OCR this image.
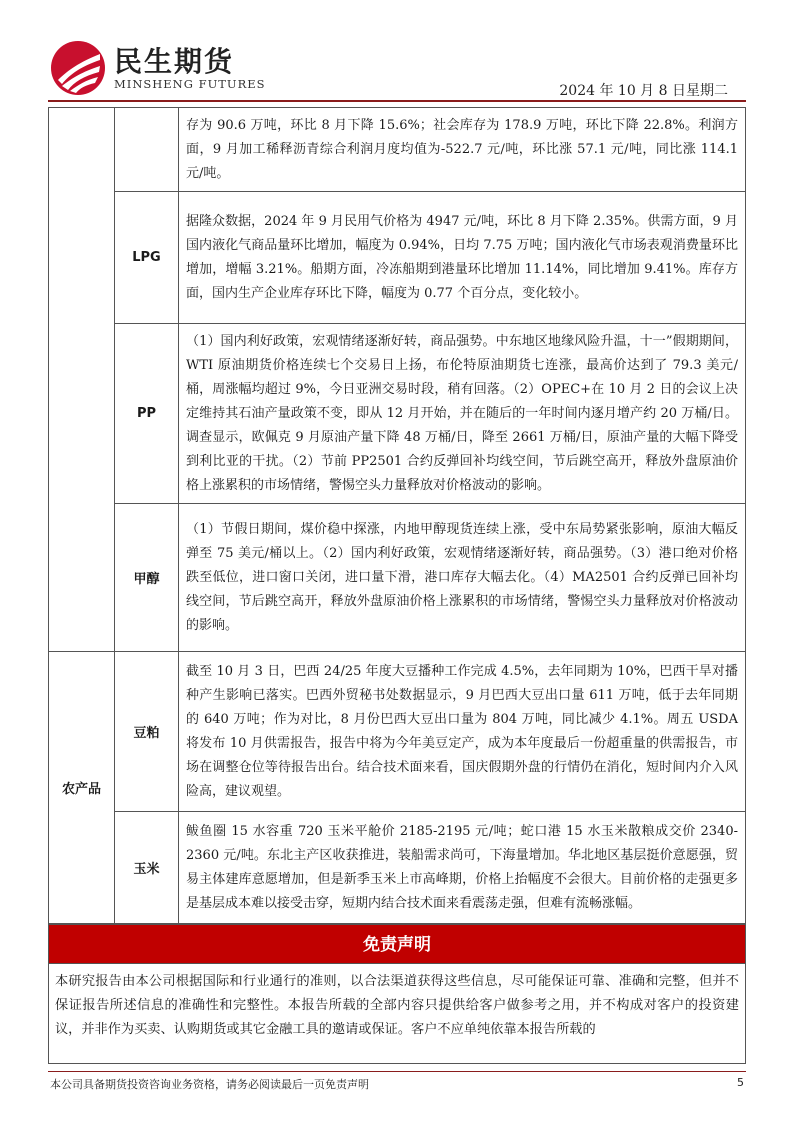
民生期货
MINSHENG FUTURES	2024 年 10 月 8 日星期二
		存为 90.6 万吨，环比 8 月下降 15.6%；社会库存为 178.9 万吨，环比下降 22.8%。利润方面，9 月加工稀释沥青综合利润月度均值为-522.7 元/吨，环比涨 57.1 元/吨，同比涨 114.1 元/吨。
	LPG	据隆众数据，2024 年 9 月民用气价格为 4947 元/吨，环比 8 月下降 2.35%。供需方面，9 月国内液化气商品量环比增加，幅度为 0.94%，日均 7.75 万吨；国内液化气市场表观消费量环比增加，增幅 3.21%。船期方面，冷冻船期到港量环比增加 11.14%，同比增加 9.41%。库存方面，国内生产企业库存环比下降，幅度为 0.77 个百分点，变化较小。
	PP	（1）国内利好政策，宏观情绪逐渐好转，商品强势。中东地区地缘风险升温，十一”假期期间，WTI 原油期货价格连续七个交易日上扬，布伦特原油期货七连涨，最高价达到了 79.3 美元/桶，周涨幅均超过 9%，今日亚洲交易时段，稍有回落。（2）OPEC+在 10 月 2 日的会议上决定维持其石油产量政策不变，即从 12 月开始，并在随后的一年时间内逐月增产约 20 万桶/日。调查显示，欧佩克 9 月原油产量下降 48 万桶/日，降至 2661 万桶/日，原油产量的大幅下降受到利比亚的干扰。（2）节前 PP2501 合约反弹回补均线空间，节后跳空高开，释放外盘原油价格上涨累积的市场情绪，警惕空头力量释放对价格波动的影响。
	甲醇	（1）节假日期间，煤价稳中探涨，内地甲醇现货连续上涨，受中东局势紧张影响，原油大幅反弹至 75 美元/桶以上。（2）国内利好政策，宏观情绪逐渐好转，商品强势。（3）港口绝对价格跌至低位，进口窗口关闭，进口量下滑，港口库存大幅去化。（4）MA2501 合约反弹已回补均线空间，节后跳空高开，释放外盘原油价格上涨累积的市场情绪，警惕空头力量释放对价格波动的影响。
农产品	豆粕	截至 10 月 3 日，巴西 24/25 年度大豆播种工作完成 4.5%，去年同期为 10%，巴西干旱对播种产生影响已落实。巴西外贸秘书处数据显示，9 月巴西大豆出口量 611 万吨，低于去年同期的 640 万吨；作为对比，8 月份巴西大豆出口量为 804 万吨，同比减少 4.1%。周五 USDA 将发布 10 月供需报告，报告中将为今年美豆定产，成为本年度最后一份超重量的供需报告，市场在调整仓位等待报告出台。结合技术面来看，国庆假期外盘的行情仍在消化，短时间内介入风险高，建议观望。
	玉米	鲅鱼圈 15 水容重 720 玉米平舱价 2185-2195 元/吨；蛇口港 15 水玉米散粮成交价 2340-2360 元/吨。东北主产区收获推进，装船需求尚可，下海量增加。华北地区基层挺价意愿强，贸易主体建库意愿增加，但是新季玉米上市高峰期，价格上抬幅度不会很大。目前价格的走强更多是基层成本难以接受击穿，短期内结合技术面来看震荡走强，但难有流畅涨幅。
免责声明
本研究报告由本公司根据国际和行业通行的准则，以合法渠道获得这些信息，尽可能保证可靠、准确和完整，但并不保证报告所述信息的准确性和完整性。本报告所载的全部内容只提供给客户做参考之用，并不构成对客户的投资建议，并非作为买卖、认购期货或其它金融工具的邀请或保证。客户不应单纯依靠本报告所载的
本公司具备期货投资咨询业务资格，请务必阅读最后一页免责声明	5
